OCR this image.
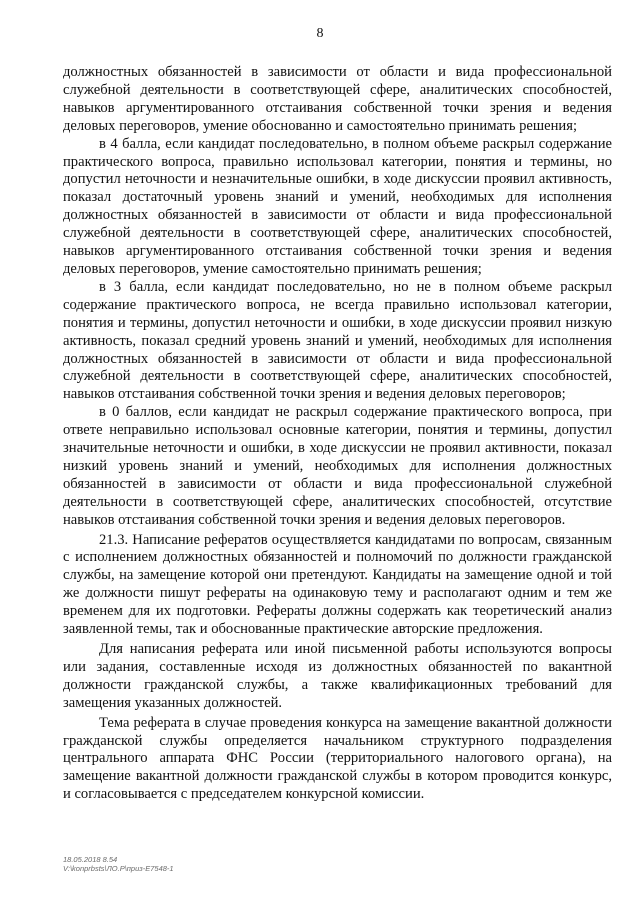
8

должностных обязанностей в зависимости от области и вида профессиональной служебной деятельности в соответствующей сфере, аналитических способностей, навыков аргументированного отстаивания собственной точки зрения и ведения деловых переговоров, умение обоснованно и самостоятельно принимать решения;

в 4 балла, если кандидат последовательно, в полном объеме раскрыл содержание практического вопроса, правильно использовал категории, понятия и термины, но допустил неточности и незначительные ошибки, в ходе дискуссии проявил активность, показал достаточный уровень знаний и умений, необходимых для исполнения должностных обязанностей в зависимости от области и вида профессиональной служебной деятельности в соответствующей сфере, аналитических способностей, навыков аргументированного отстаивания собственной точки зрения и ведения деловых переговоров, умение самостоятельно принимать решения;

в 3 балла, если кандидат последовательно, но не в полном объеме раскрыл содержание практического вопроса, не всегда правильно использовал категории, понятия и термины, допустил неточности и ошибки, в ходе дискуссии проявил низкую активность, показал средний уровень знаний и умений, необходимых для исполнения должностных обязанностей в зависимости от области и вида профессиональной служебной деятельности в соответствующей сфере, аналитических способностей, навыков отстаивания собственной точки зрения и ведения деловых переговоров;

в 0 баллов, если кандидат не раскрыл содержание практического вопроса, при ответе неправильно использовал основные категории, понятия и термины, допустил значительные неточности и ошибки, в ходе дискуссии не проявил активности, показал низкий уровень знаний и умений, необходимых для исполнения должностных обязанностей в зависимости от области и вида профессиональной служебной деятельности в соответствующей сфере, аналитических способностей, отсутствие навыков отстаивания собственной точки зрения и ведения деловых переговоров.

21.3. Написание рефератов осуществляется кандидатами по вопросам, связанным с исполнением должностных обязанностей и полномочий по должности гражданской службы, на замещение которой они претендуют. Кандидаты на замещение одной и той же должности пишут рефераты на одинаковую тему и располагают одним и тем же временем для их подготовки. Рефераты должны содержать как теоретический анализ заявленной темы, так и обоснованные практические авторские предложения.

Для написания реферата или иной письменной работы используются вопросы или задания, составленные исходя из должностных обязанностей по вакантной должности гражданской службы, а также квалификационных требований для замещения указанных должностей.

Тема реферата в случае проведения конкурса на замещение вакантной должности гражданской службы определяется начальником структурного подразделения центрального аппарата ФНС России (территориального налогового органа), на замещение вакантной должности гражданской службы в котором проводится конкурс, и согласовывается с председателем конкурсной комиссии.

18.05.2018 8.54
V:\konprbsts\ЛО.Р\приз-Е7548-1
